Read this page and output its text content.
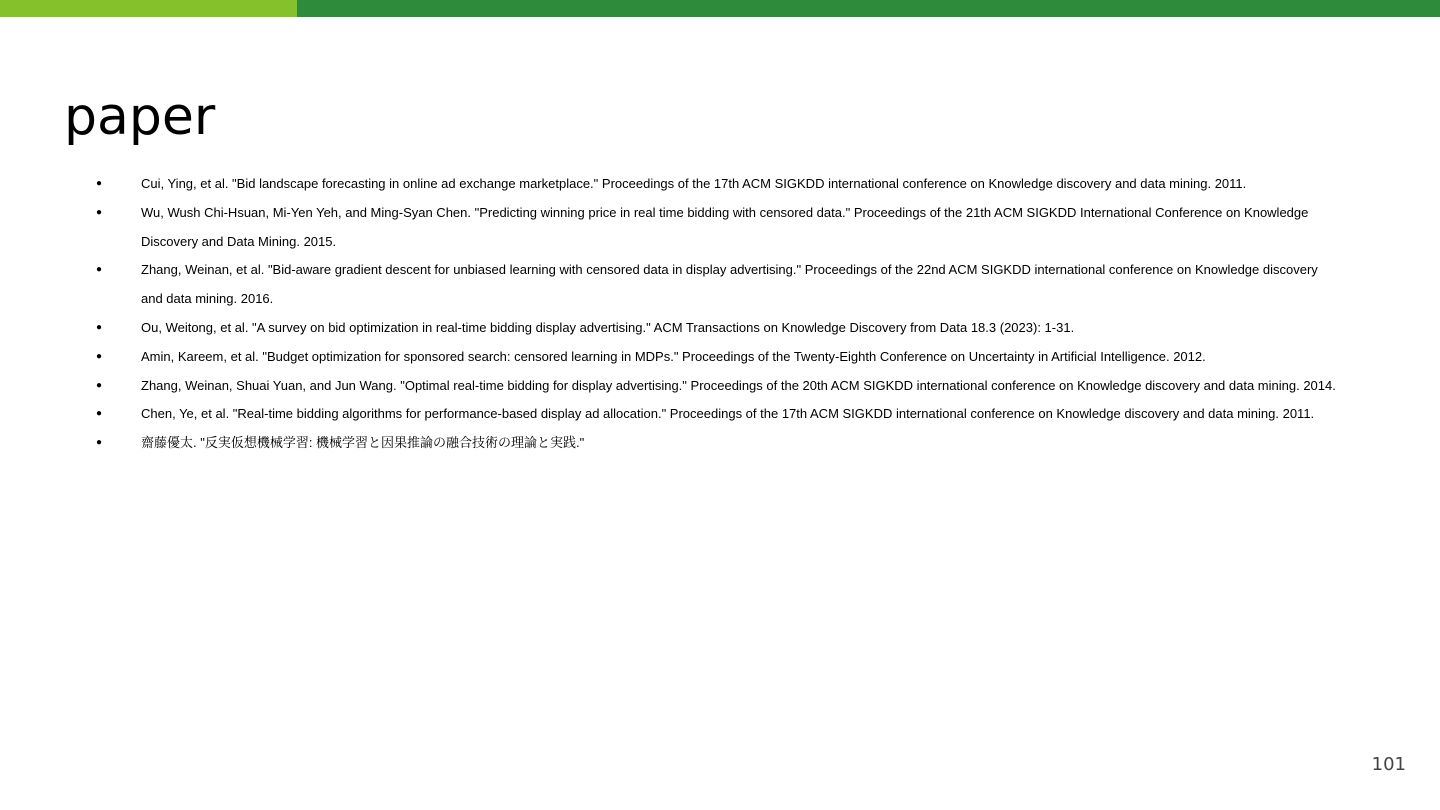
paper
●	Cui, Ying, et al. "Bid landscape forecasting in online ad exchange marketplace." Proceedings of the 17th ACM SIGKDD international conference on Knowledge discovery and data mining. 2011.
●	Wu, Wush Chi-Hsuan, Mi-Yen Yeh, and Ming-Syan Chen. "Predicting winning price in real time bidding with censored data." Proceedings of the 21th ACM SIGKDD International Conference on Knowledge Discovery and Data Mining. 2015.
●	Zhang, Weinan, et al. "Bid-aware gradient descent for unbiased learning with censored data in display advertising." Proceedings of the 22nd ACM SIGKDD international conference on Knowledge discovery and data mining. 2016.
●	Ou, Weitong, et al. "A survey on bid optimization in real-time bidding display advertising." ACM Transactions on Knowledge Discovery from Data 18.3 (2023): 1-31.
●	Amin, Kareem, et al. "Budget optimization for sponsored search: censored learning in MDPs." Proceedings of the Twenty-Eighth Conference on Uncertainty in Artificial Intelligence. 2012.
●	Zhang, Weinan, Shuai Yuan, and Jun Wang. "Optimal real-time bidding for display advertising." Proceedings of the 20th ACM SIGKDD international conference on Knowledge discovery and data mining. 2014.
●	Chen, Ye, et al. "Real-time bidding algorithms for performance-based display ad allocation." Proceedings of the 17th ACM SIGKDD international conference on Knowledge discovery and data mining. 2011.
●	齋藤優太. "反実仮想機械学習: 機械学習と因果推論の融合技術の理論と実践."
101
